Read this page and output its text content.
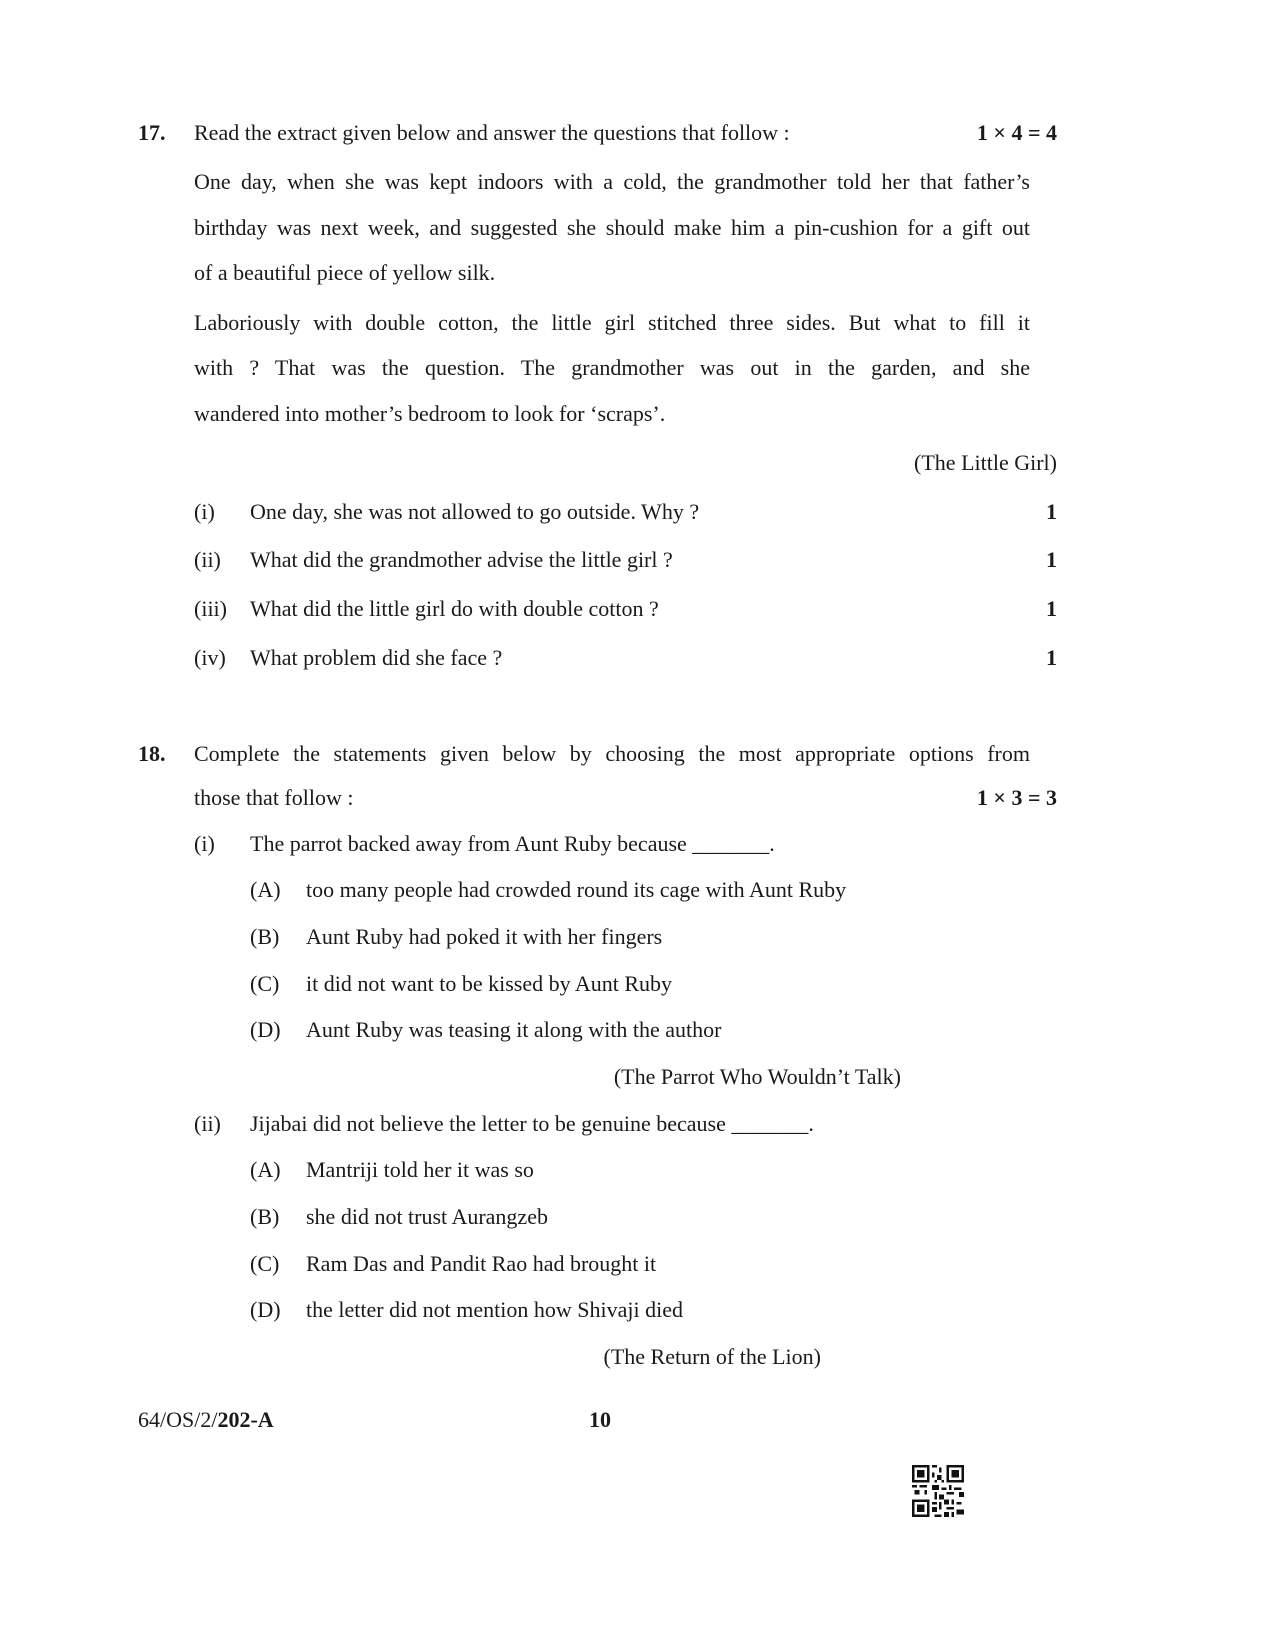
17. Read the extract given below and answer the questions that follow :	1 × 4 = 4
One day, when she was kept indoors with a cold, the grandmother told her that father’s
birthday was next week, and suggested she should make him a pin-cushion for a gift out
of a beautiful piece of yellow silk.
Laboriously with double cotton, the little girl stitched three sides. But what to fill it
with ? That was the question. The grandmother was out in the garden, and she
wandered into mother’s bedroom to look for ‘scraps’.
(The Little Girl)
(i) One day, she was not allowed to go outside. Why ?	1
(ii) What did the grandmother advise the little girl ?	1
(iii) What did the little girl do with double cotton ?	1
(iv) What problem did she face ?	1
18. Complete the statements given below by choosing the most appropriate options from
those that follow :	1 × 3 = 3
(i) The parrot backed away from Aunt Ruby because _______.
(A) too many people had crowded round its cage with Aunt Ruby
(B) Aunt Ruby had poked it with her fingers
(C) it did not want to be kissed by Aunt Ruby
(D) Aunt Ruby was teasing it along with the author
(The Parrot Who Wouldn’t Talk)
(ii) Jijabai did not believe the letter to be genuine because _______.
(A) Mantriji told her it was so
(B) she did not trust Aurangzeb
(C) Ram Das and Pandit Rao had brought it
(D) the letter did not mention how Shivaji died
(The Return of the Lion)
64/OS/2/202-A	10
